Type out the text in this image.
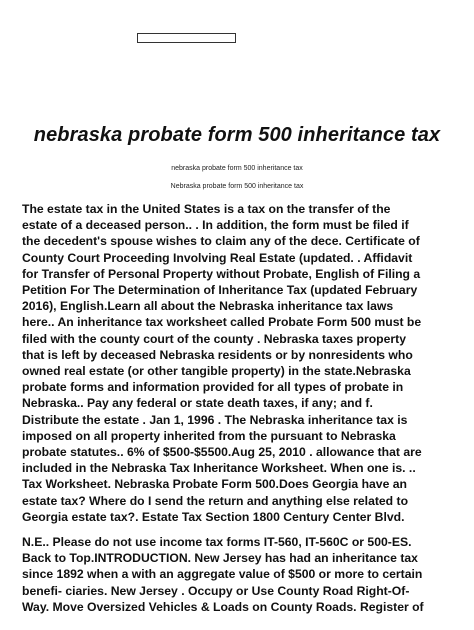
nebraska probate form 500 inheritance tax

nebraska probate form 500 inheritance tax

Nebraska probate form 500 inheritance tax

The estate tax in the United States is a tax on the transfer of the
estate of a deceased person.. . In addition, the form must be filed if
the decedent's spouse wishes to claim any of the dece. Certificate of
County Court Proceeding Involving Real Estate (updated. . Affidavit
for Transfer of Personal Property without Probate, English of Filing a
Petition For The Determination of Inheritance Tax (updated February
2016), English.Learn all about the Nebraska inheritance tax laws
here.. An inheritance tax worksheet called Probate Form 500 must be
filed with the county court of the county . Nebraska taxes property
that is left by deceased Nebraska residents or by nonresidents who
owned real estate (or other tangible property) in the state.Nebraska
probate forms and information provided for all types of probate in
Nebraska.. Pay any federal or state death taxes, if any; and f.
Distribute the estate . Jan 1, 1996 . The Nebraska inheritance tax is
imposed on all property inherited from the pursuant to Nebraska
probate statutes.. 6% of $500-$5500.Aug 25, 2010 . allowance that are
included in the Nebraska Tax Inheritance Worksheet. When one is. ..
Tax Worksheet. Nebraska Probate Form 500.Does Georgia have an
estate tax? Where do I send the return and anything else related to
Georgia estate tax?. Estate Tax Section 1800 Century Center Blvd.

N.E.. Please do not use income tax forms IT-560, IT-560C or 500-ES.
Back to Top.INTRODUCTION. New Jersey has had an inheritance tax
since 1892 when a with an aggregate value of $500 or more to certain
benefi- ciaries. New Jersey . Occupy or Use County Road Right-Of-
Way. Move Oversized Vehicles & Loads on County Roads. Register of
